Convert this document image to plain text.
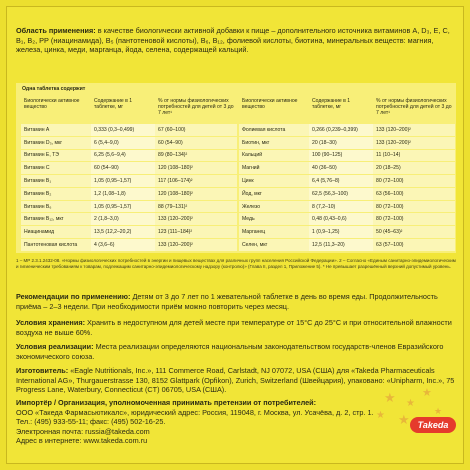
Область применения: в качестве биологически активной добавки к пище – дополнительного источника витаминов А, D₃, Е, С, В₁, В₂, РР (ниацинамида), В₅ (пантотеновой кислоты), В₆, В₁₂, фолиевой кислоты, биотина, минеральных веществ: магния, железа, цинка, меди, марганца, йода, селена, содержащей кальций.
Одна таблетка содержит
Биологически активное вещество	Содержание в 1 таблетке, мг	% от нормы физиологических потребностей для детей от 3 до 7 лет¹
Витамин А	0,333 (0,3–0,499)	67 (60–100)
Витамин D₃, мкг	6 (5,4–9,0)	60 (54–90)
Витамин Е, ТЭ	6,25 (5,6–9,4)	89 (80–134)²
Витамин С	60 (54–90)	120 (108–180)²
Витамин B₁	1,05 (0,95–1,57)	117 (106–174)²
Витамин B₂	1,2 (1,08–1,8)	120 (108–180)²
Витамин B₆	1,05 (0,95–1,57)	88 (79–131)²
Витамин B₁₂, мкг	2 (1,8–3,0)	133 (120–200)²
Ниацинамид	13,5 (12,2–20,2)	123 (111–184)²
Пантотеновая кислота	4 (3,6–6)	133 (120–200)²
Биологически активное вещество	Содержание в 1 таблетке, мг	% от нормы физиологических потребностей для детей от 3 до 7 лет¹
Фолиевая кислота	0,266 (0,239–0,399)	133 (120–200)²
Биотин, мкг	20 (18–30)	133 (120–200)²
Кальций	100 (90–125)	11 (10–14)
Магний	40 (36–50)	20 (18–25)
Цинк	6,4 (5,76–8)	80 (72–100)
Йод, мкг	62,5 (56,3–100)	63 (56–100)
Железо	8 (7,2–10)	80 (72–100)
Медь	0,48 (0,43–0,6)	80 (72–100)
Марганец	1 (0,9–1,25)	50 (45–63)²
Селен, мкг	12,5 (11,3–20)	63 (57–100)
1 – МР 2.3.1.2432-08. «Нормы физиологических потребностей в энергии и пищевых веществах для различных групп населения Российской Федерации». 2 – Согласно «Единым санитарно-эпидемиологическим и гигиеническим требованиям к товарам, подлежащим санитарно-эпидемиологическому надзору (контролю)» (Глава II, раздел 1, Приложение 5). * Не превышает разрешённый верхний допустимый уровень.
Рекомендации по применению: Детям от 3 до 7 лет по 1 жевательной таблетке в день во время еды. Продолжительность приёма – 2–3 недели. При необходимости приём можно повторить через месяц.
Условия хранения: Хранить в недоступном для детей месте при температуре от 15°С до 25°С и при относительной влажности воздуха не выше 60%.
Условия реализации: Места реализации определяются национальным законодательством государств-членов Евразийского экономического союза.
Изготовитель: «Eagle Nutritionals, Inc.», 111 Commerce Road, Carlstadt, NJ 07072, USA (США) для «Takeda Pharmaceuticals International AG», Thurgauerstrasse 130, 8152 Glattpark (Opfikon), Zurich, Switzerland (Швейцария), упаковано: «Unipharm, Inc.», 75 Progress Lane, Waterbury, Connecticut (CT) 06705, USA (США).
Импортёр / Организация, уполномоченная принимать претензии от потребителей:
ООО «Такеда Фармасьютикалс», юридический адрес: Россия, 119048, г. Москва, ул. Усачёва, д. 2, стр. 1.
Тел.: (495) 933-55-11; факс: (495) 502-16-25.
Электронная почта: russia@takeda.com
Адрес в интернете: www.takeda.com.ru
★ ★
★
★ ★
★
Takeda
